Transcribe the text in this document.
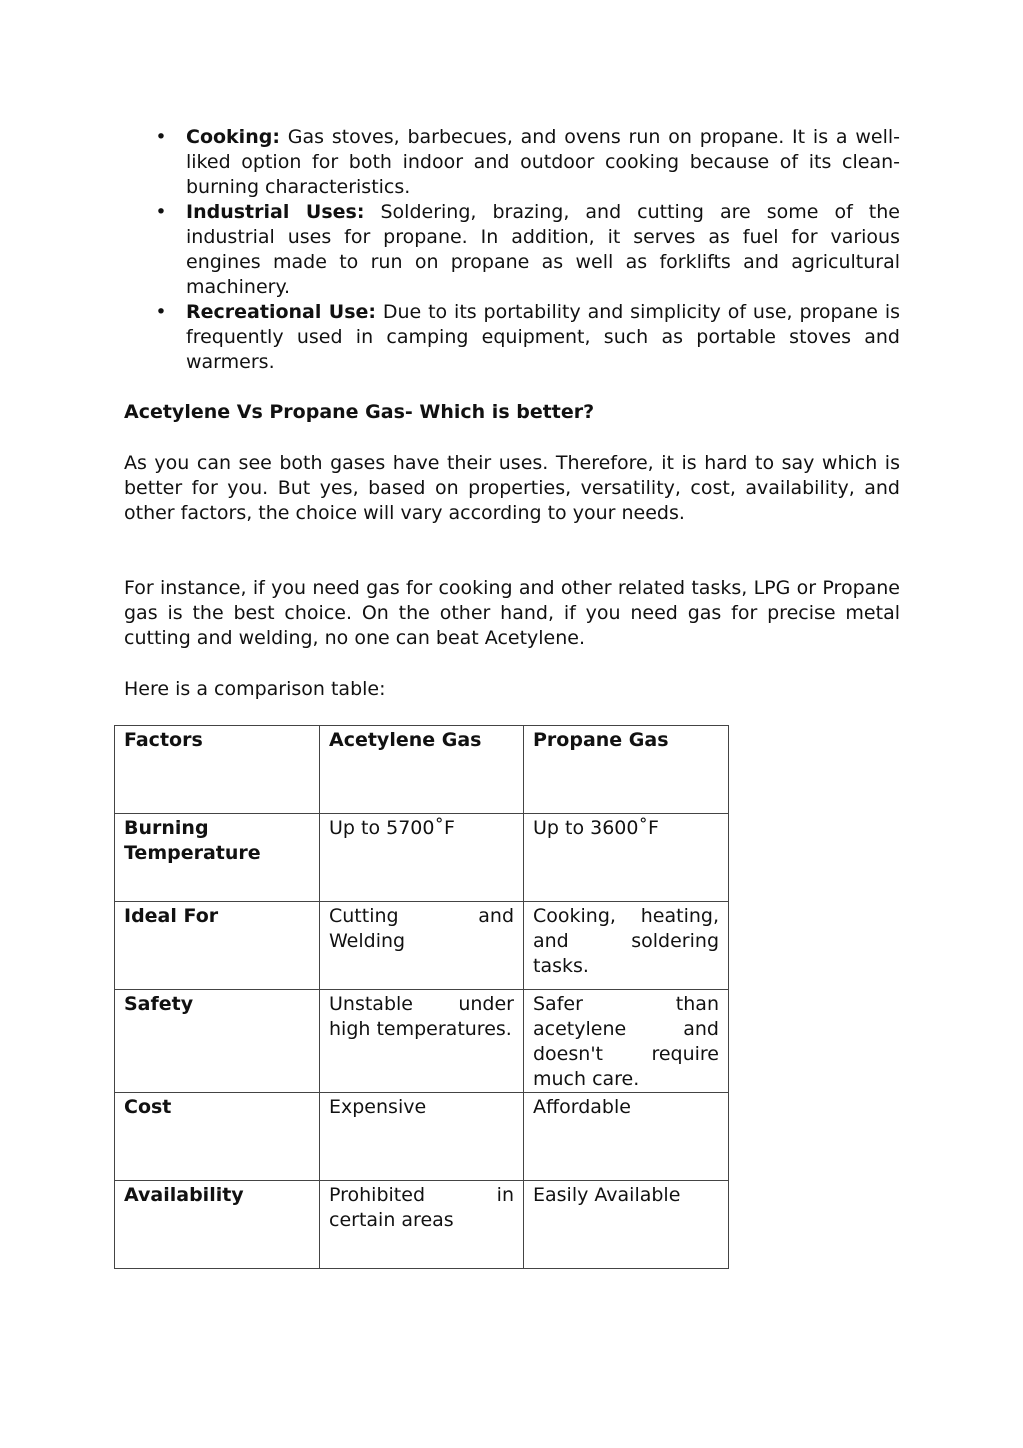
• Cooking: Gas stoves, barbecues, and ovens run on propane. It is a well-liked option for both indoor and outdoor cooking because of its clean-burning characteristics.
• Industrial Uses: Soldering, brazing, and cutting are some of the industrial uses for propane. In addition, it serves as fuel for various engines made to run on propane as well as forklifts and agricultural machinery.
• Recreational Use: Due to its portability and simplicity of use, propane is frequently used in camping equipment, such as portable stoves and warmers.

Acetylene Vs Propane Gas- Which is better?

As you can see both gases have their uses. Therefore, it is hard to say which is better for you. But yes, based on properties, versatility, cost, availability, and other factors, the choice will vary according to your needs.

For instance, if you need gas for cooking and other related tasks, LPG or Propane gas is the best choice. On the other hand, if you need gas for precise metal cutting and welding, no one can beat Acetylene.

Here is a comparison table:

Factors	Acetylene Gas	Propane Gas
Burning Temperature	Up to 5700˚F	Up to 3600˚F
Ideal For	Cutting and Welding	Cooking, heating, and soldering tasks.
Safety	Unstable under high temperatures.	Safer than acetylene and doesn't require much care.
Cost	Expensive	Affordable
Availability	Prohibited in certain areas	Easily Available
